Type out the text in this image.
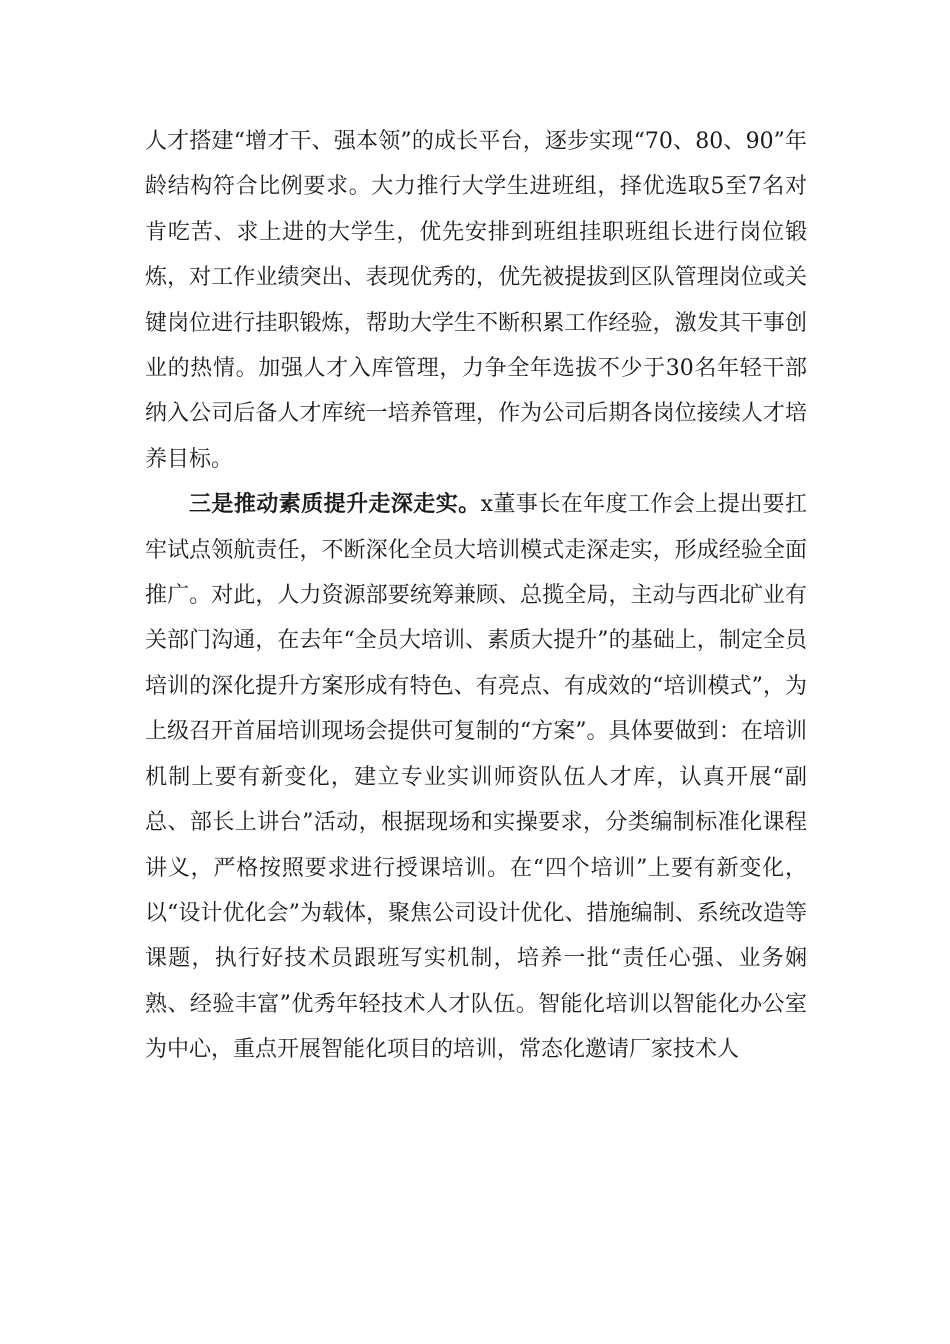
人才搭建“增才干、强本领”的成长平台，逐步实现“70、80、90”年龄结构符合比例要求。大力推行大学生进班组，择优选取5至7名对肯吃苦、求上进的大学生，优先安排到班组挂职班组长进行岗位锻炼，对工作业绩突出、表现优秀的，优先被提拔到区队管理岗位或关键岗位进行挂职锻炼，帮助大学生不断积累工作经验，激发其干事创业的热情。加强人才入库管理，力争全年选拔不少于30名年轻干部纳入公司后备人才库统一培养管理，作为公司后期各岗位接续人才培养目标。

三是推动素质提升走深走实。x董事长在年度工作会上提出要扛牢试点领航责任，不断深化全员大培训模式走深走实，形成经验全面推广。对此，人力资源部要统筹兼顾、总揽全局，主动与西北矿业有关部门沟通，在去年“全员大培训、素质大提升”的基础上，制定全员培训的深化提升方案形成有特色、有亮点、有成效的“培训模式”，为上级召开首届培训现场会提供可复制的“方案”。具体要做到：在培训机制上要有新变化，建立专业实训师资队伍人才库，认真开展“副总、部长上讲台”活动，根据现场和实操要求，分类编制标准化课程讲义，严格按照要求进行授课培训。在“四个培训”上要有新变化，以“设计优化会”为载体，聚焦公司设计优化、措施编制、系统改造等课题，执行好技术员跟班写实机制，培养一批“责任心强、业务娴熟、经验丰富”优秀年轻技术人才队伍。智能化培训以智能化办公室为中心，重点开展智能化项目的培训，常态化邀请厂家技术人
